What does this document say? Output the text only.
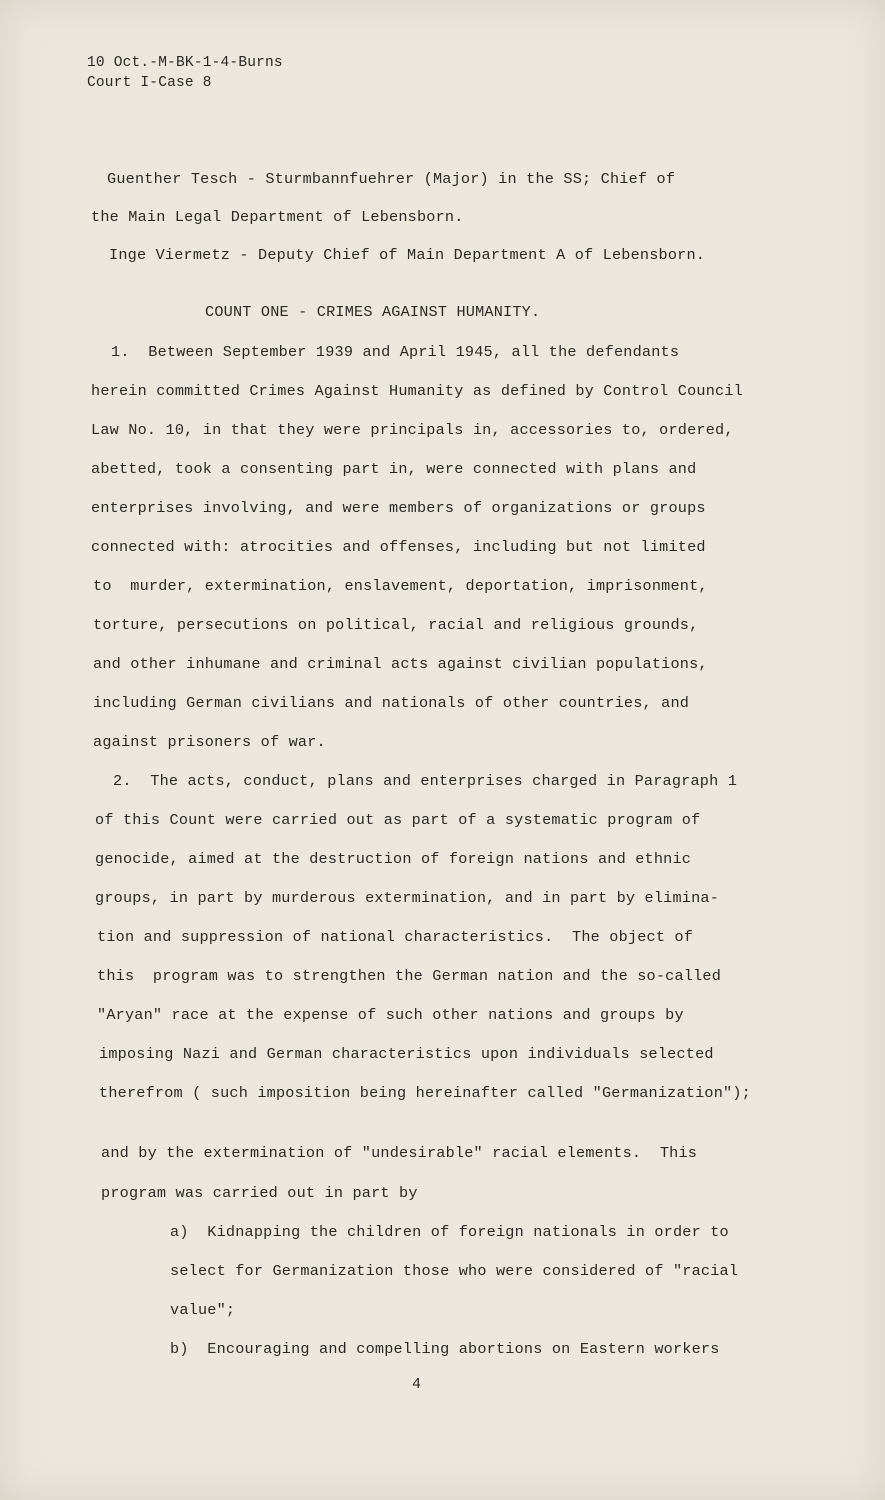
10 Oct.-M-BK-1-4-Burns
Court I-Case 8
Guenther Tesch - Sturmbannfuehrer (Major) in the SS; Chief of
the Main Legal Department of Lebensborn.
Inge Viermetz - Deputy Chief of Main Department A of Lebensborn.
COUNT ONE - CRIMES AGAINST HUMANITY.
1.  Between September 1939 and April 1945, all the defendants
herein committed Crimes Against Humanity as defined by Control Council
Law No. 10, in that they were principals in, accessories to, ordered,
abetted, took a consenting part in, were connected with plans and
enterprises involving, and were members of organizations or groups
connected with: atrocities and offenses, including but not limited
to  murder, extermination, enslavement, deportation, imprisonment,
torture, persecutions on political, racial and religious grounds,
and other inhumane and criminal acts against civilian populations,
including German civilians and nationals of other countries, and
against prisoners of war.
2.  The acts, conduct, plans and enterprises charged in Paragraph 1
of this Count were carried out as part of a systematic program of
genocide, aimed at the destruction of foreign nations and ethnic
groups, in part by murderous extermination, and in part by elimina-
tion and suppression of national characteristics.  The object of
this  program was to strengthen the German nation and the so-called
"Aryan" race at the expense of such other nations and groups by
imposing Nazi and German characteristics upon individuals selected
therefrom ( such imposition being hereinafter called "Germanization");
and by the extermination of "undesirable" racial elements.  This
program was carried out in part by
a)  Kidnapping the children of foreign nationals in order to
select for Germanization those who were considered of "racial
value";
b)  Encouraging and compelling abortions on Eastern workers
4
